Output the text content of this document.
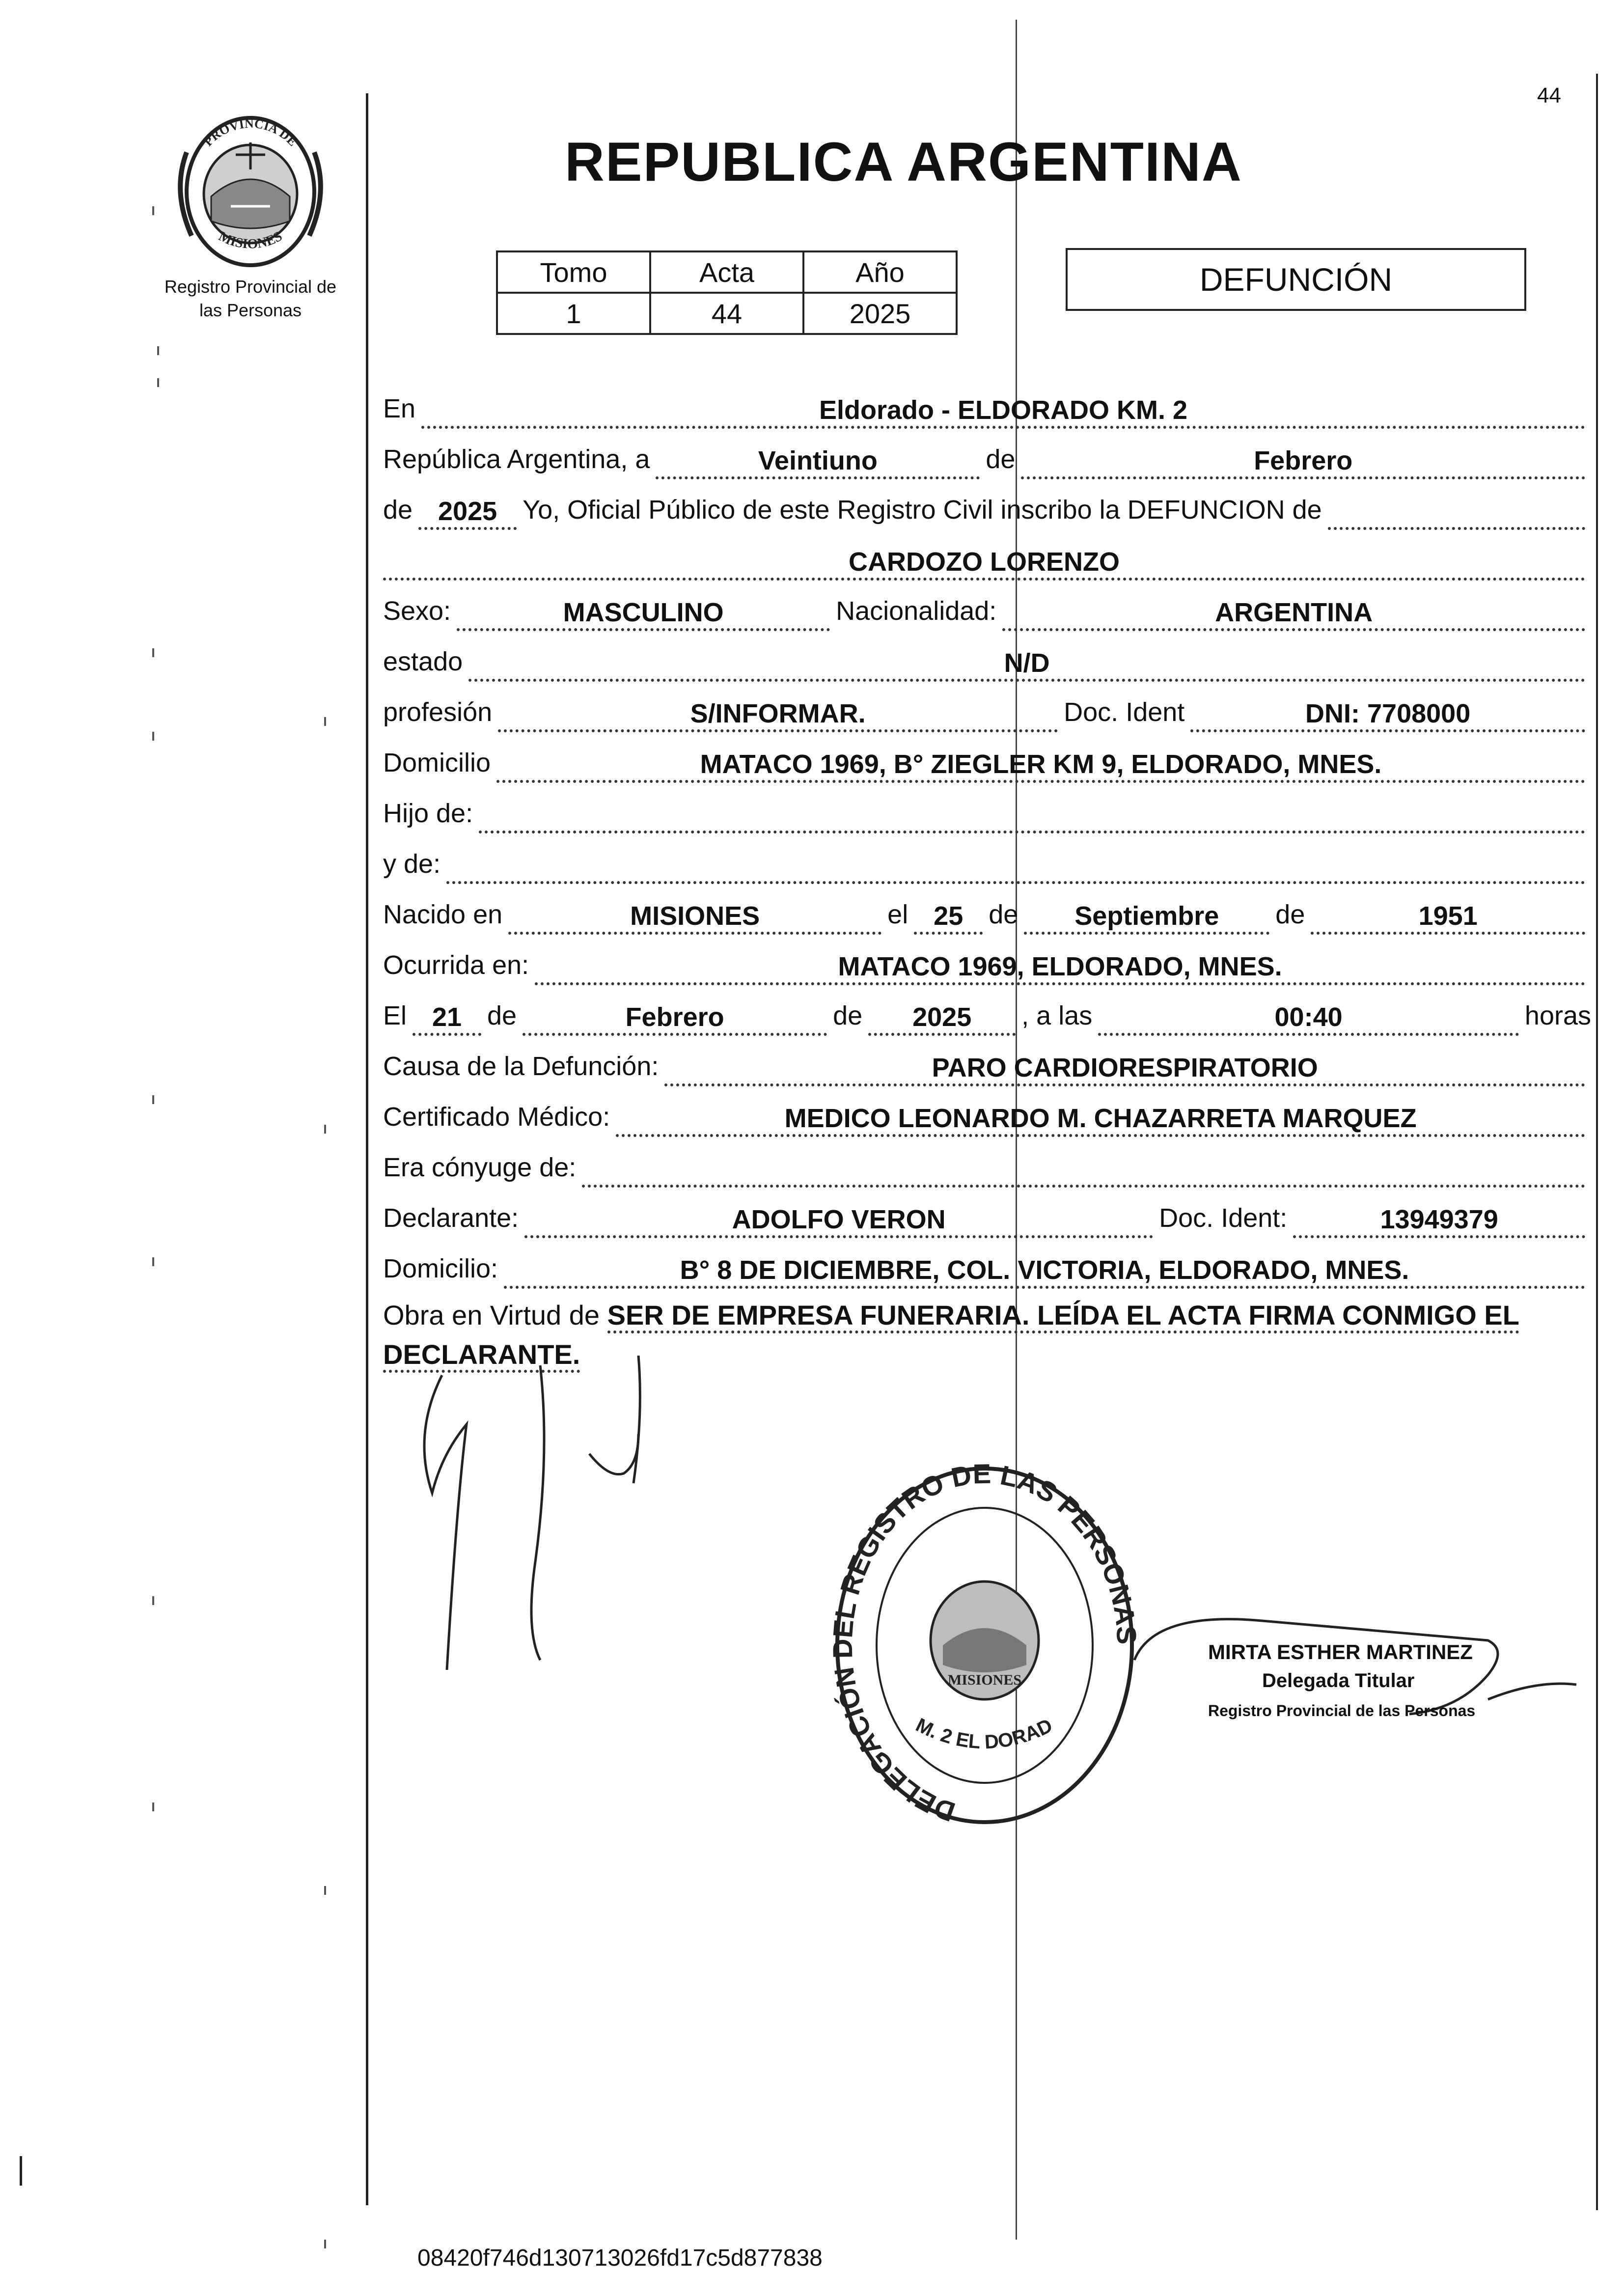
44
PROVINCIA DE
MISIONES
Registro Provincial de
las Personas
REPUBLICA ARGENTINA
Tomo	Acta	Año
1	44	2025
DEFUNCIÓN
En	Eldorado - ELDORADO KM. 2
República Argentina, a	Veintiuno	de	Febrero
de 2025 Yo, Oficial Público de este Registro Civil inscribo la DEFUNCION de
CARDOZO LORENZO
Sexo:	MASCULINO	Nacionalidad:	ARGENTINA
estado	N/D
profesión	S/INFORMAR.	Doc. Ident	DNI: 7708000
Domicilio	MATACO 1969, B° ZIEGLER KM 9, ELDORADO, MNES.
Hijo de:
y de:
Nacido en	MISIONES	el 25 de	Septiembre	de	1951
Ocurrida en:	MATACO 1969, ELDORADO, MNES.
El 21 de	Febrero	de	2025	, a las	00:40	horas
Causa de la Defunción:	PARO CARDIORESPIRATORIO
Certificado Médico:	MEDICO LEONARDO M. CHAZARRETA MARQUEZ
Era cónyuge de:
Declarante:	ADOLFO VERON	Doc. Ident:	13949379
Domicilio:	B° 8 DE DICIEMBRE, COL. VICTORIA, ELDORADO, MNES.
Obra en Virtud de SER DE EMPRESA FUNERARIA. LEÍDA EL ACTA FIRMA CONMIGO EL DECLARANTE.
DELEGACIÓN DEL REGISTRO DE LAS PERSONAS
M. 2 EL DORAD
MISIONES
MIRTA ESTHER MARTINEZ
Delegada Titular
Registro Provincial de las Personas
08420f746d130713026fd17c5d877838
